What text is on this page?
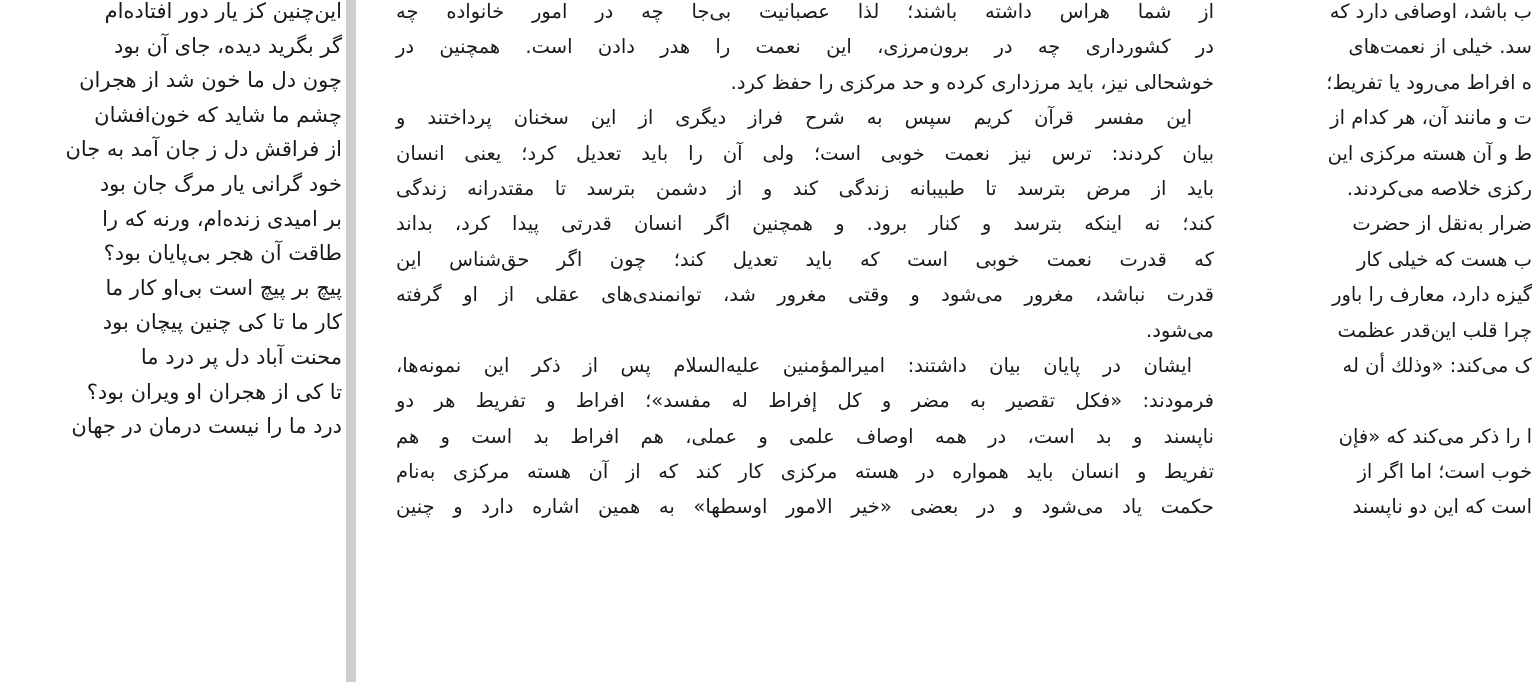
این‌چنین کز یار دور افتاده‌ام
گر بگرید دیده، جای آن بود
چون دل ما خون شد از هجران
چشم ما شاید که خون‌افشان
از فراقش دل ز جان آمد به جان
خود گرانی یار مرگ جان بود
بر امیدی زنده‌ام، ورنه که را
طاقت آن هجر بی‌پایان بود؟
پیچ بر پیچ است بی‌او کار ما
کار ما تا کی چنین پیچان بود
محنت آباد دل پر درد ما
تا کی از هجران او ویران بود؟
درد ما را نیست درمان در جهان
از شما هراس داشته باشند؛ لذا عصبانیت بی‌جا چه در امور خانواده چه
در کشورداری چه در برون‌مرزی، این نعمت را هدر دادن است. همچنین در
خوشحالی نیز، باید مرزداری کرده و حد مرکزی را حفظ کرد.
این مفسر قرآن کریم سپس به شرح فراز دیگری از این سخنان پرداختند و
بیان کردند: ترس نیز نعمت خوبی است؛ ولی آن را باید تعدیل کرد؛ یعنی انسان
باید از مرض بترسد تا طبیبانه زندگی کند و از دشمن بترسد تا مقتدرانه زندگی
کند؛ نه اینکه بترسد و کنار برود. و همچنین اگر انسان قدرتی پیدا کرد، بداند
که قدرت نعمت خوبی است که باید تعدیل کند؛ چون اگر حق‌شناس این
قدرت نباشد، مغرور می‌شود و وقتی مغرور شد، توانمندی‌های عقلی از او گرفته
می‌شود.
ایشان در پایان بیان داشتند: امیرالمؤمنین علیه‌السلام پس از ذکر این نمونه‌ها،
فرمودند: «فکل تقصیر به مضر و کل إفراط له مفسد»؛ افراط و تفریط هر دو
ناپسند و بد است، در همه اوصاف علمی و عملی، هم افراط بد است و هم
تفریط و انسان باید همواره در هسته مرکزی کار کند که از آن هسته مرکزی به‌نام
حکمت یاد می‌شود و در بعضی «خیر الامور اوسطها» به همین اشاره دارد و چنین
ب باشد، اوصافی دارد که
سد. خیلی از نعمت‌های
ه افراط می‌رود یا تفریط؛
ت و مانند آن، هر کدام از
ط و آن هسته مرکزی این
رکزی خلاصه می‌کردند.
ضرار به‌نقل از حضرت
ب هست که خیلی کار
گیزه دارد، معارف را باور
چرا قلب این‌قدر عظمت
ک می‌کند: «وذلك أن له
ا را ذکر می‌کند که «فإن
خوب است؛ اما اگر از
است که این دو ناپسند
